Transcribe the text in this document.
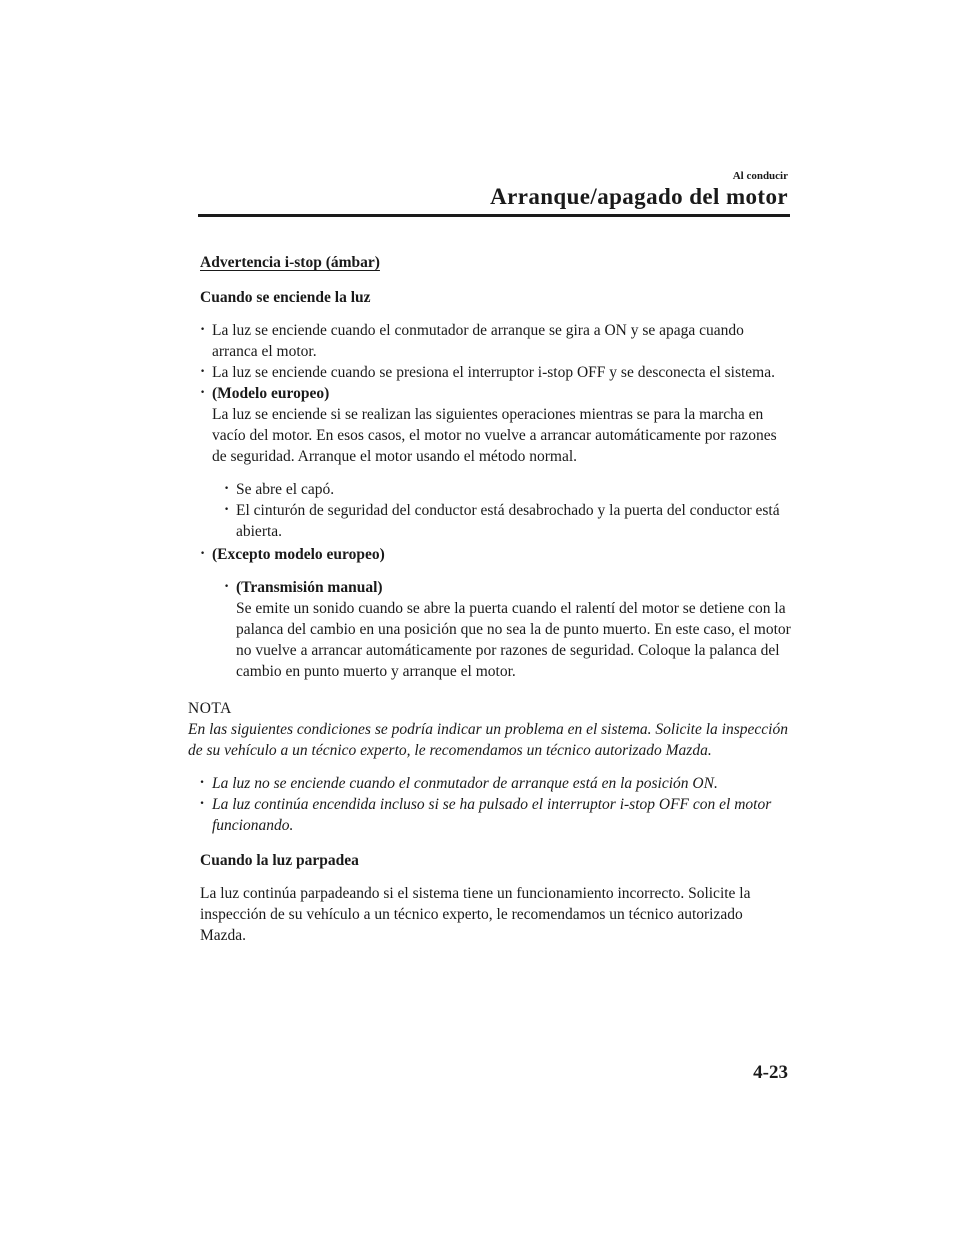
Al conducir
Arranque/apagado del motor
Advertencia i-stop (ámbar)
Cuando se enciende la luz
· La luz se enciende cuando el conmutador de arranque se gira a ON y se apaga cuando arranca el motor.
· La luz se enciende cuando se presiona el interruptor i-stop OFF y se desconecta el sistema.
· (Modelo europeo)
La luz se enciende si se realizan las siguientes operaciones mientras se para la marcha en vacío del motor. En esos casos, el motor no vuelve a arrancar automáticamente por razones de seguridad. Arranque el motor usando el método normal.
· Se abre el capó.
· El cinturón de seguridad del conductor está desabrochado y la puerta del conductor está abierta.
· (Excepto modelo europeo)
· (Transmisión manual)
Se emite un sonido cuando se abre la puerta cuando el ralentí del motor se detiene con la palanca del cambio en una posición que no sea la de punto muerto. En este caso, el motor no vuelve a arrancar automáticamente por razones de seguridad. Coloque la palanca del cambio en punto muerto y arranque el motor.
NOTA
En las siguientes condiciones se podría indicar un problema en el sistema. Solicite la inspección de su vehículo a un técnico experto, le recomendamos un técnico autorizado Mazda.
· La luz no se enciende cuando el conmutador de arranque está en la posición ON.
· La luz continúa encendida incluso si se ha pulsado el interruptor i-stop OFF con el motor funcionando.
Cuando la luz parpadea

La luz continúa parpadeando si el sistema tiene un funcionamiento incorrecto. Solicite la inspección de su vehículo a un técnico experto, le recomendamos un técnico autorizado Mazda.

4-23
